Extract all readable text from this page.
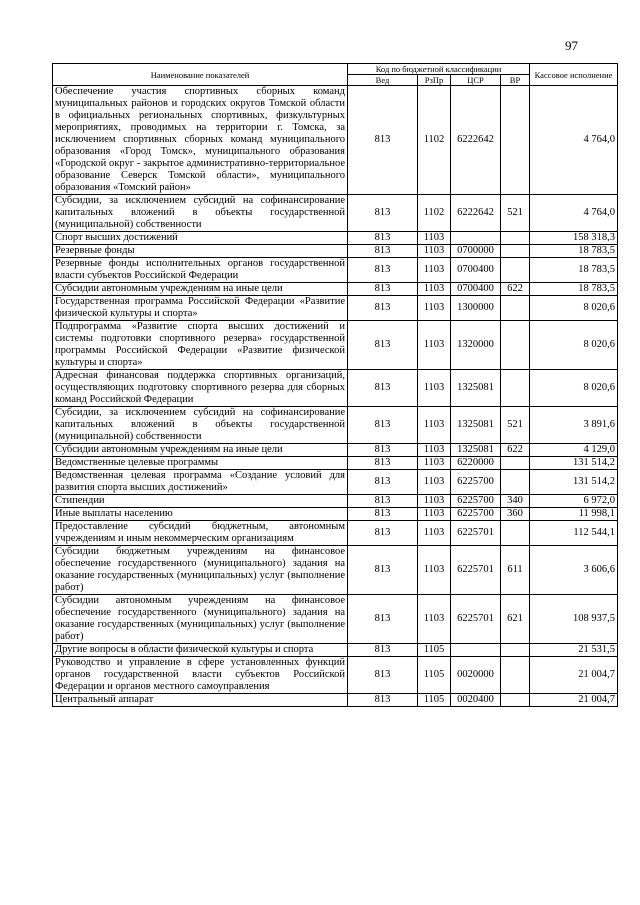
97
Наименование показателей	Код по бюджетной классификации				Кассовое исполнение
	Вед	РзПр	ЦСР	ВР	
Обеспечение участия спортивных сборных команд муниципальных районов и городских округов Томской области в официальных региональных спортивных, физкультурных мероприятиях, проводимых на территории г. Томска, за исключением спортивных сборных команд муниципального образования «Город Томск», муниципального образования «Городской округ - закрытое административно-территориальное образование Северск Томской области», муниципального образования «Томский район»	813	1102	6222642		4 764,0
Субсидии, за исключением субсидий на софинансирование капитальных вложений в объекты государственной (муниципальной) собственности	813	1102	6222642	521	4 764,0
Спорт высших достижений	813	1103			158 318,3
Резервные фонды	813	1103	0700000		18 783,5
Резервные фонды исполнительных органов государственной власти субъектов Российской Федерации	813	1103	0700400		18 783,5
Субсидии автономным учреждениям на иные цели	813	1103	0700400	622	18 783,5
Государственная программа Российской Федерации «Развитие физической культуры и спорта»	813	1103	1300000		8 020,6
Подпрограмма «Развитие спорта высших достижений и системы подготовки спортивного резерва» государственной программы Российской Федерации «Развитие физической культуры и спорта»	813	1103	1320000		8 020,6
Адресная финансовая поддержка спортивных организаций, осуществляющих подготовку спортивного резерва для сборных команд Российской Федерации	813	1103	1325081		8 020,6
Субсидии, за исключением субсидий на софинансирование капитальных вложений в объекты государственной (муниципальной) собственности	813	1103	1325081	521	3 891,6
Субсидии автономным учреждениям на иные цели	813	1103	1325081	622	4 129,0
Ведомственные целевые программы	813	1103	6220000		131 514,2
Ведомственная целевая программа «Создание условий для развития спорта высших достижений»	813	1103	6225700		131 514,2
Стипендии	813	1103	6225700	340	6 972,0
Иные выплаты населению	813	1103	6225700	360	11 998,1
Предоставление субсидий бюджетным, автономным учреждениям и иным некоммерческим организациям	813	1103	6225701		112 544,1
Субсидии бюджетным учреждениям на финансовое обеспечение государственного (муниципального) задания на оказание государственных (муниципальных) услуг (выполнение работ)	813	1103	6225701	611	3 606,6
Субсидии автономным учреждениям на финансовое обеспечение государственного (муниципального) задания на оказание государственных (муниципальных) услуг (выполнение работ)	813	1103	6225701	621	108 937,5
Другие вопросы в области физической культуры и спорта	813	1105			21 531,5
Руководство и управление в сфере установленных функций органов государственной власти субъектов Российской Федерации и органов местного самоуправления	813	1105	0020000		21 004,7
Центральный аппарат	813	1105	0020400		21 004,7
